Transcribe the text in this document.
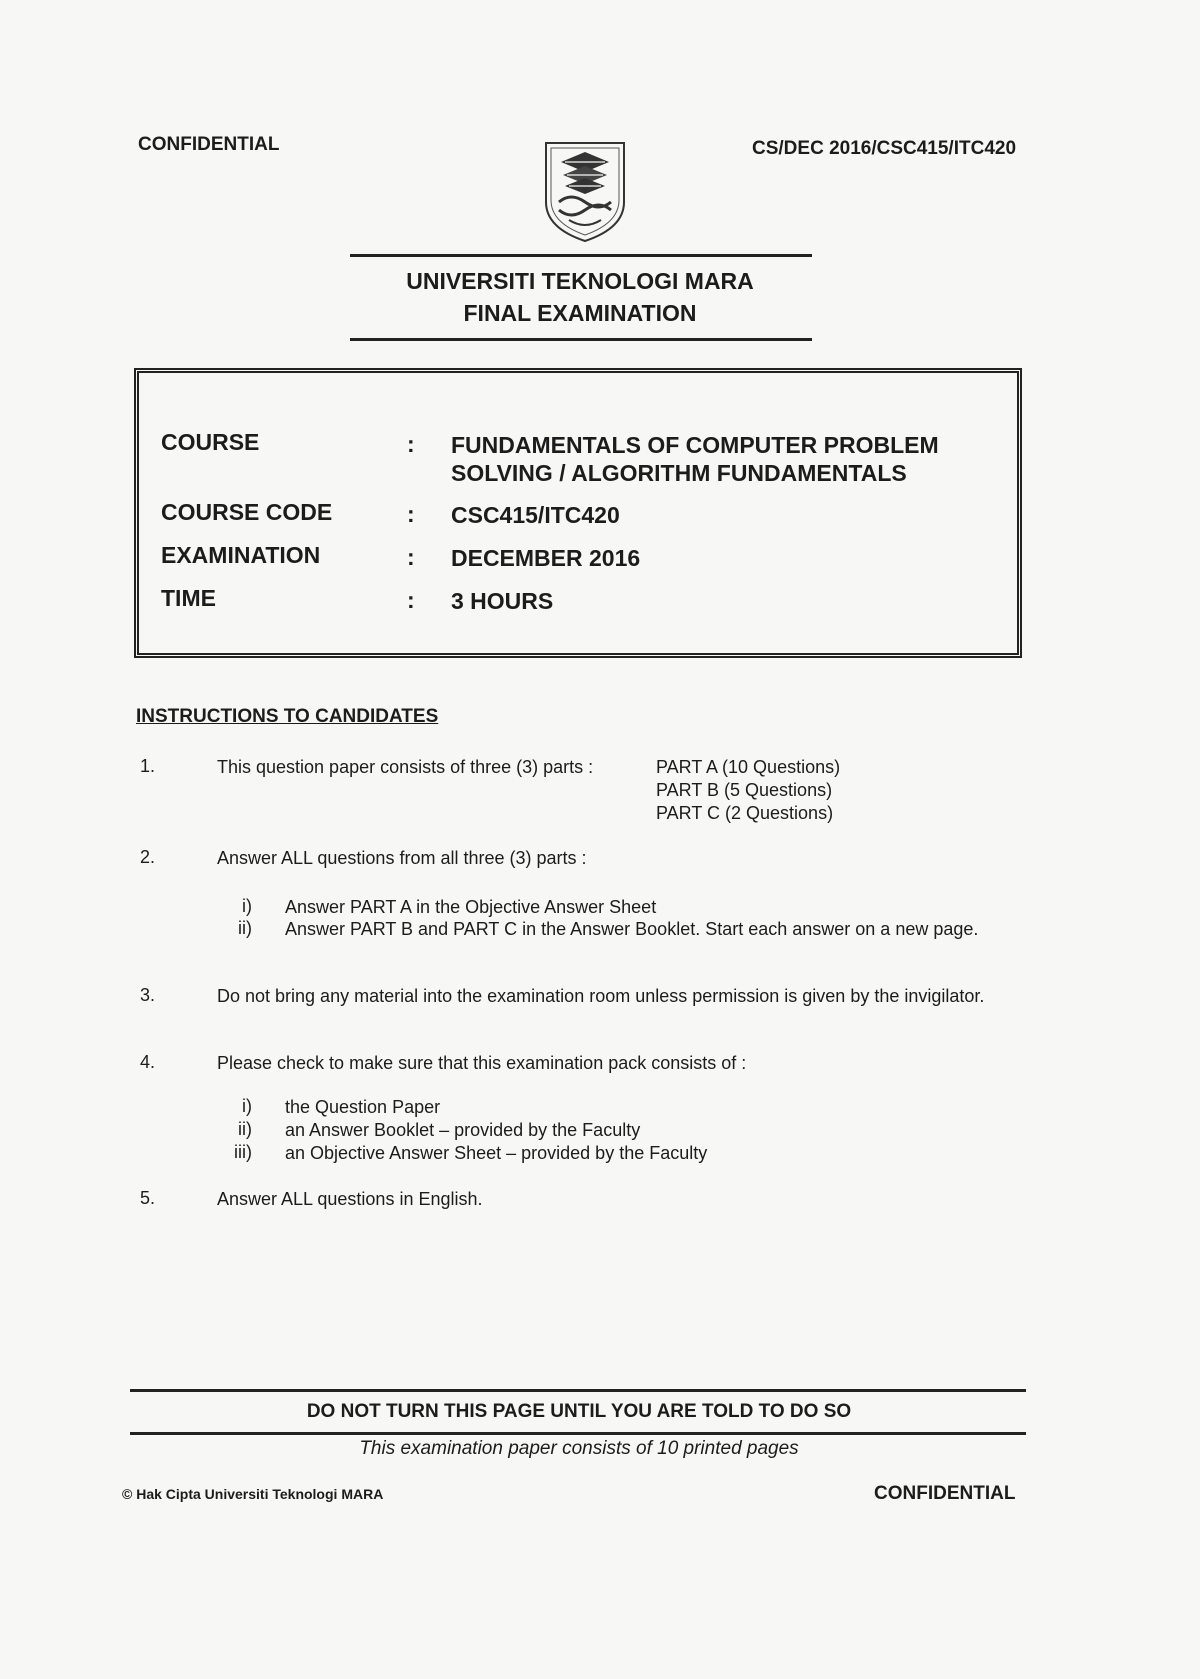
CONFIDENTIAL	CS/DEC 2016/CSC415/ITC420
UNIVERSITI TEKNOLOGI MARA
FINAL EXAMINATION
COURSE	: FUNDAMENTALS OF COMPUTER PROBLEM
SOLVING / ALGORITHM FUNDAMENTALS
COURSE CODE	: CSC415/ITC420
EXAMINATION	: DECEMBER 2016
TIME	: 3 HOURS
INSTRUCTIONS TO CANDIDATES
1.	This question paper consists of three (3) parts :	PART A (10 Questions)
PART B (5 Questions)
PART C (2 Questions)
2.	Answer ALL questions from all three (3) parts :
i) Answer PART A in the Objective Answer Sheet
ii) Answer PART B and PART C in the Answer Booklet. Start each answer on a new page.
3.	Do not bring any material into the examination room unless permission is given by the invigilator.
4.	Please check to make sure that this examination pack consists of :
i) the Question Paper
ii) an Answer Booklet – provided by the Faculty
iii) an Objective Answer Sheet – provided by the Faculty
5.	Answer ALL questions in English.
DO NOT TURN THIS PAGE UNTIL YOU ARE TOLD TO DO SO
This examination paper consists of 10 printed pages
© Hak Cipta Universiti Teknologi MARA	CONFIDENTIAL
